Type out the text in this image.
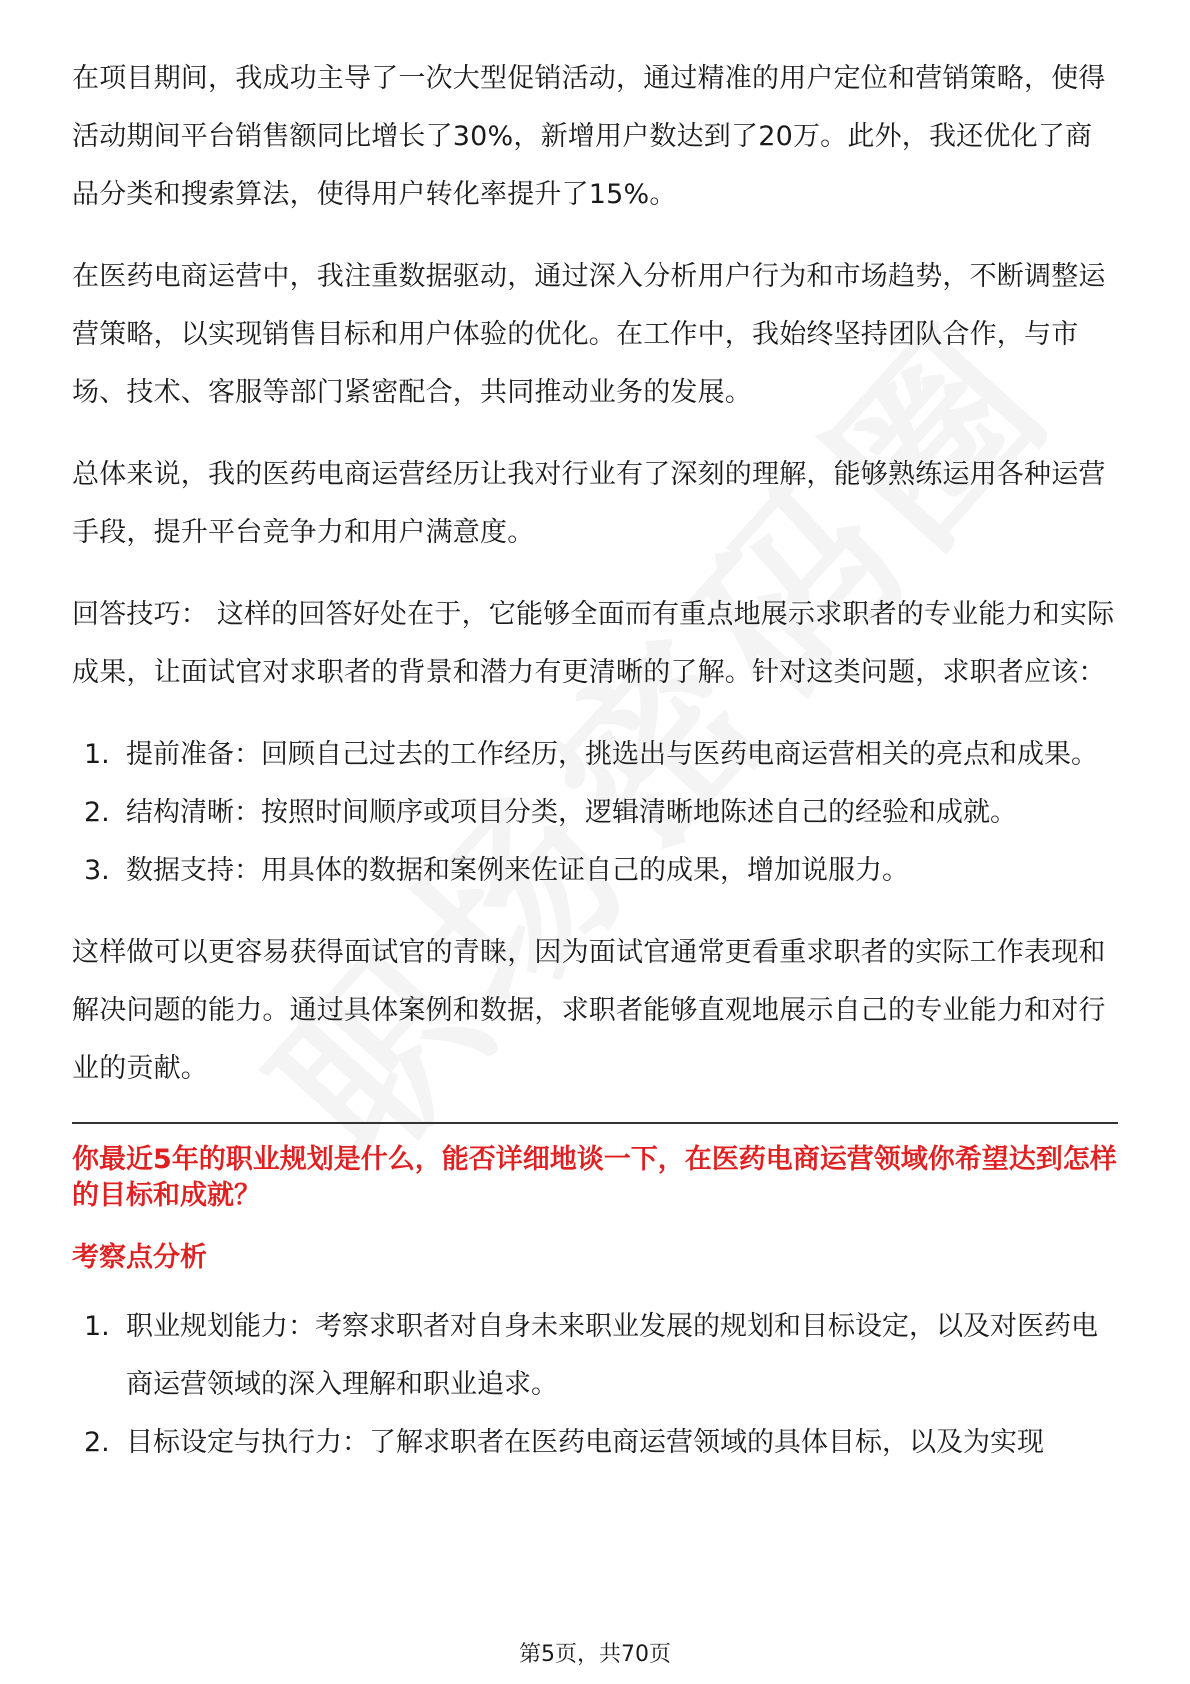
在项目期间，我成功主导了一次大型促销活动，通过精准的用户定位和营销策略，使得活动期间平台销售额同比增长了30%，新增用户数达到了20万。此外，我还优化了商品分类和搜索算法，使得用户转化率提升了15%。

在医药电商运营中，我注重数据驱动，通过深入分析用户行为和市场趋势，不断调整运营策略，以实现销售目标和用户体验的优化。在工作中，我始终坚持团队合作，与市场、技术、客服等部门紧密配合，共同推动业务的发展。

总体来说，我的医药电商运营经历让我对行业有了深刻的理解，能够熟练运用各种运营手段，提升平台竞争力和用户满意度。

回答技巧： 这样的回答好处在于，它能够全面而有重点地展示求职者的专业能力和实际成果，让面试官对求职者的背景和潜力有更清晰的了解。针对这类问题，求职者应该：

1. 提前准备：回顾自己过去的工作经历，挑选出与医药电商运营相关的亮点和成果。
2. 结构清晰：按照时间顺序或项目分类，逻辑清晰地陈述自己的经验和成就。
3. 数据支持：用具体的数据和案例来佐证自己的成果，增加说服力。

这样做可以更容易获得面试官的青睐，因为面试官通常更看重求职者的实际工作表现和解决问题的能力。通过具体案例和数据，求职者能够直观地展示自己的专业能力和对行业的贡献。

你最近5年的职业规划是什么，能否详细地谈一下，在医药电商运营领域你希望达到怎样的目标和成就？
考察点分析
1. 职业规划能力：考察求职者对自身未来职业发展的规划和目标设定，以及对医药电商运营领域的深入理解和职业追求。
2. 目标设定与执行力：了解求职者在医药电商运营领域的具体目标，以及为实现
第5页，共70页
